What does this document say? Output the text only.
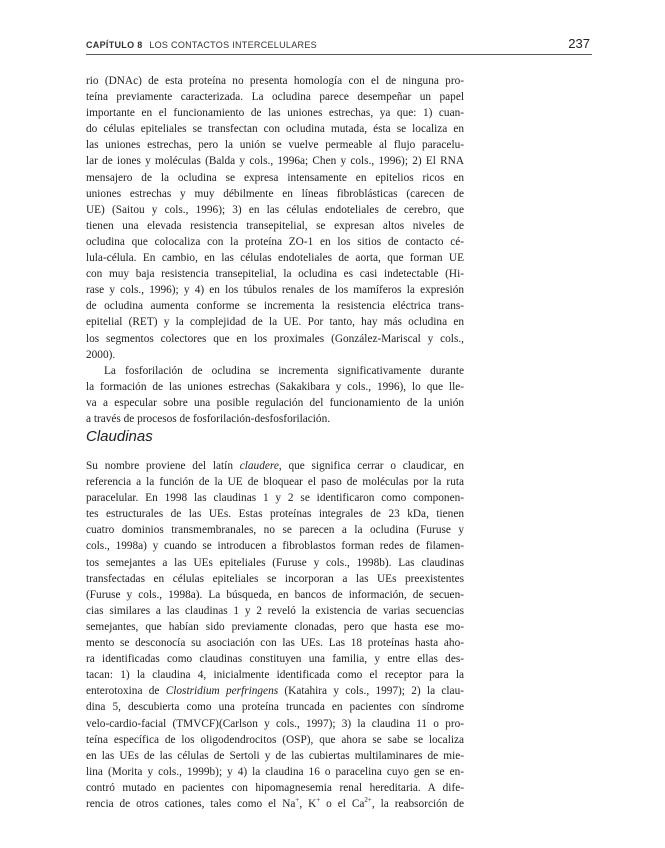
CAPÍTULO 8 LOS CONTACTOS INTERCELULARES	237
rio (DNAc) de esta proteína no presenta homología con el de ninguna pro-
teína previamente caracterizada. La ocludina parece desempeñar un papel
importante en el funcionamiento de las uniones estrechas, ya que: 1) cuan-
do células epiteliales se transfectan con ocludina mutada, ésta se localiza en
las uniones estrechas, pero la unión se vuelve permeable al flujo paracelu-
lar de iones y moléculas (Balda y cols., 1996a; Chen y cols., 1996); 2) El RNA
mensajero de la ocludina se expresa intensamente en epitelios ricos en
uniones estrechas y muy débilmente en líneas fibroblásticas (carecen de
UE) (Saitou y cols., 1996); 3) en las células endoteliales de cerebro, que
tienen una elevada resistencia transepitelial, se expresan altos niveles de
ocludina que colocaliza con la proteína ZO-1 en los sitios de contacto cé-
lula-célula. En cambio, en las células endoteliales de aorta, que forman UE
con muy baja resistencia transepitelial, la ocludina es casi indetectable (Hi-
rase y cols., 1996); y 4) en los túbulos renales de los mamíferos la expresión
de ocludina aumenta conforme se incrementa la resistencia eléctrica trans-
epitelial (RET) y la complejidad de la UE. Por tanto, hay más ocludina en
los segmentos colectores que en los proximales (González-Mariscal y cols.,
2000).
La fosforilación de ocludina se incrementa significativamente durante
la formación de las uniones estrechas (Sakakibara y cols., 1996), lo que lle-
va a especular sobre una posible regulación del funcionamiento de la unión
a través de procesos de fosforilación-desfosforilación.
Claudinas
Su nombre proviene del latín claudere, que significa cerrar o claudicar, en
referencia a la función de la UE de bloquear el paso de moléculas por la ruta
paracelular. En 1998 las claudinas 1 y 2 se identificaron como componen-
tes estructurales de las UEs. Estas proteínas integrales de 23 kDa, tienen
cuatro dominios transmembranales, no se parecen a la ocludina (Furuse y
cols., 1998a) y cuando se introducen a fibroblastos forman redes de filamen-
tos semejantes a las UEs epiteliales (Furuse y cols., 1998b). Las claudinas
transfectadas en células epiteliales se incorporan a las UEs preexistentes
(Furuse y cols., 1998a). La búsqueda, en bancos de información, de secuen-
cias similares a las claudinas 1 y 2 reveló la existencia de varias secuencias
semejantes, que habían sido previamente clonadas, pero que hasta ese mo-
mento se desconocía su asociación con las UEs. Las 18 proteínas hasta aho-
ra identificadas como claudinas constituyen una familia, y entre ellas des-
tacan: 1) la claudina 4, inicialmente identificada como el receptor para la
enterotoxina de Clostridium perfringens (Katahira y cols., 1997); 2) la clau-
dina 5, descubierta como una proteína truncada en pacientes con síndrome
velo-cardio-facial (TMVCF)(Carlson y cols., 1997); 3) la claudina 11 o pro-
teína específica de los oligodendrocitos (OSP), que ahora se sabe se localiza
en las UEs de las células de Sertoli y de las cubiertas multilaminares de mie-
lina (Morita y cols., 1999b); y 4) la claudina 16 o paracelina cuyo gen se en-
contró mutado en pacientes con hipomagnesemia renal hereditaria. A dife-
rencia de otros cationes, tales como el Na+, K+ o el $Ca^{2+}$, la reabsorción de
